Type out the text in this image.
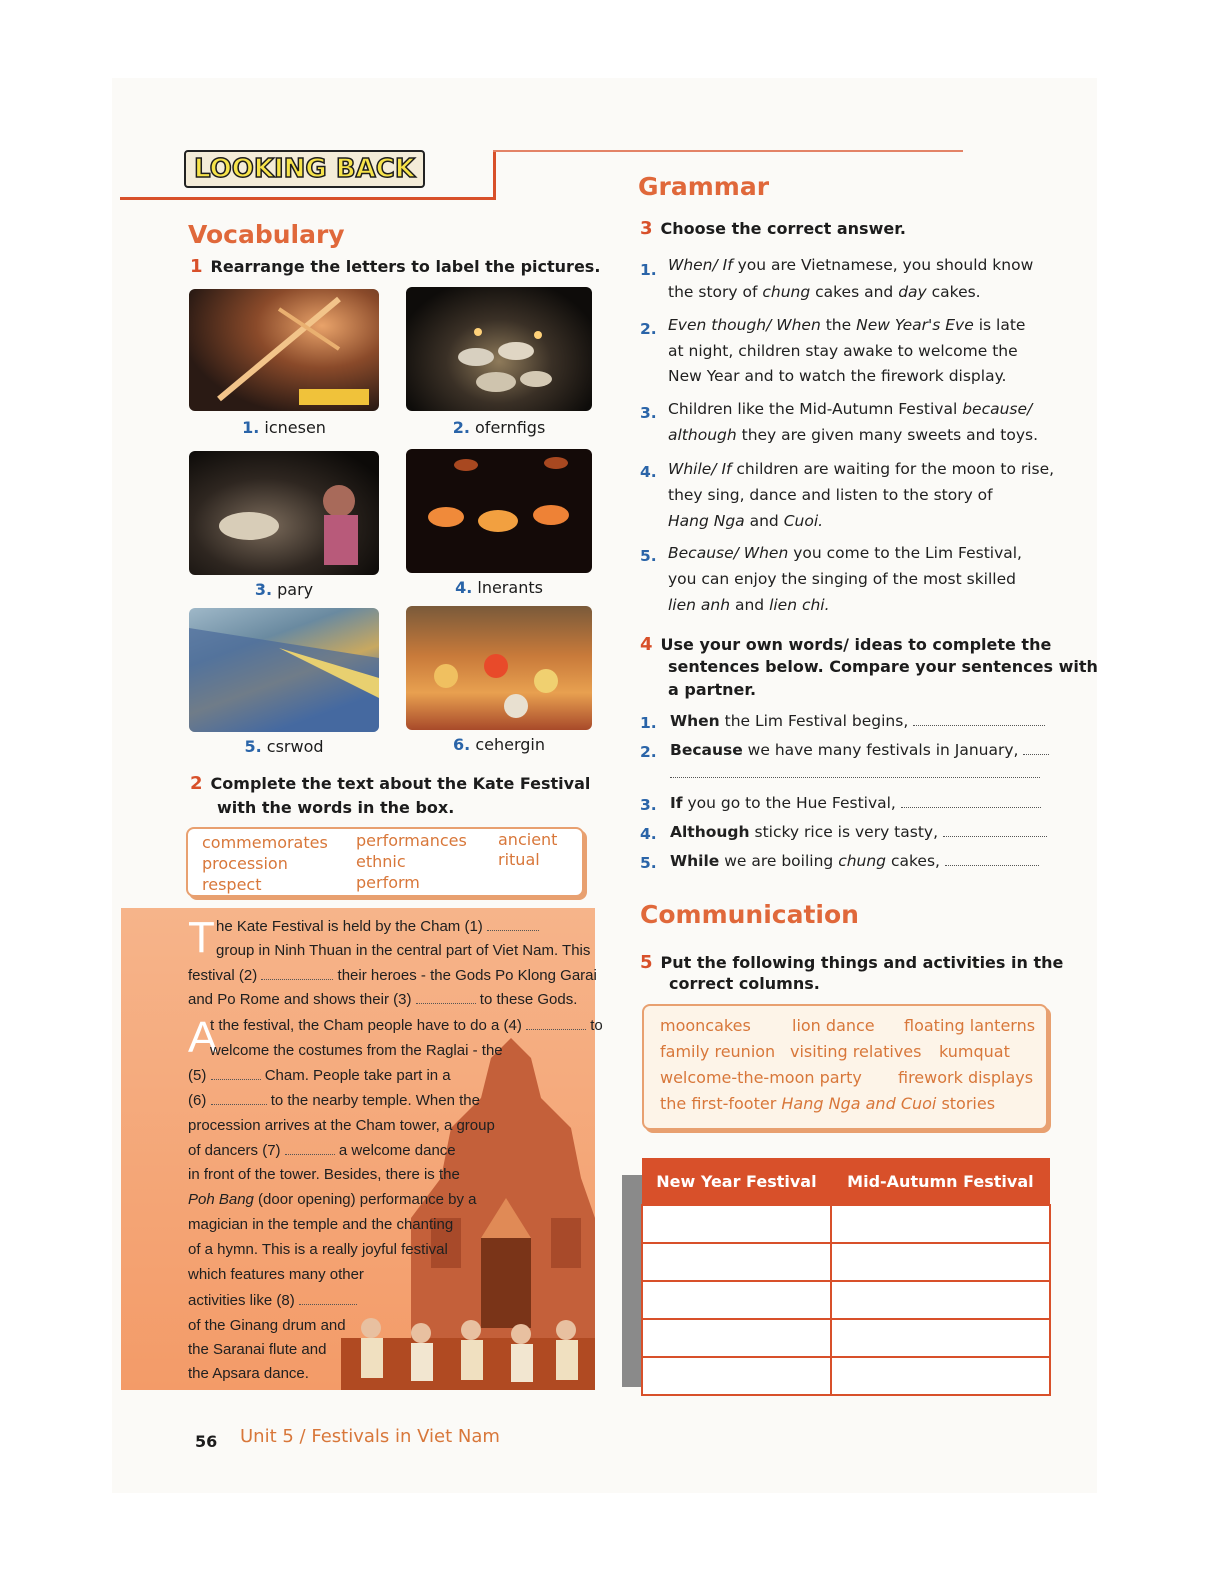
LOOKING BACK
Vocabulary
1 Rearrange the letters to label the pictures.
1. icnesen	2. ofernfigs
3. pary	4. lnerants
5. csrwod	6. cehergin
2 Complete the text about the Kate Festival
with the words in the box.
commemorates performances ancient
procession	ethnic	ritual
respect	perform
T he Kate Festival is held by the Cham (1)
group in Ninh Thuan in the central part of Viet Nam. This
festival (2)	their heroes - the Gods Po Klong Garai
and Po Rome and shows their (3)	to these Gods.
A
t the festival, the Cham people have to do a (4)	to
welcome the costumes from the Raglai - the
(5)	Cham. People take part in a
(6)	to the nearby temple. When the
procession arrives at the Cham tower, a group
of dancers (7)	a welcome dance
in front of the tower. Besides, there is the
Poh Bang (door opening) performance by a
magician in the temple and the chanting
of a hymn. This is a really joyful festival
which features many other
activities like (8)
of the Ginang drum and
the Saranai flute and
the Apsara dance.
Grammar
3 Choose the correct answer.
1. When/ If you are Vietnamese, you should know
the story of chung cakes and day cakes.
2. Even though/ When the New Year's Eve is late
at night, children stay awake to welcome the
New Year and to watch the firework display.
3. Children like the Mid-Autumn Festival because/
although they are given many sweets and toys.
4. While/ If children are waiting for the moon to rise,
they sing, dance and listen to the story of
Hang Nga and Cuoi.
5. Because/ When you come to the Lim Festival,
you can enjoy the singing of the most skilled
lien anh and lien chi.
4 Use your own words/ ideas to complete the
sentences below. Compare your sentences with
a partner.
1. When the Lim Festival begins,
2. Because we have many festivals in January,
3. If you go to the Hue Festival,
4. Although sticky rice is very tasty,
5. While we are boiling chung cakes,
Communication
5 Put the following things and activities in the
correct columns.
mooncakes	lion dance floating lanterns
family reunion visiting relatives kumquat
welcome-the-moon party firework displays
the first-footer Hang Nga and Cuoi stories
New Year Festival	Mid-Autumn Festival

56 Unit 5 / Festivals in Viet Nam
